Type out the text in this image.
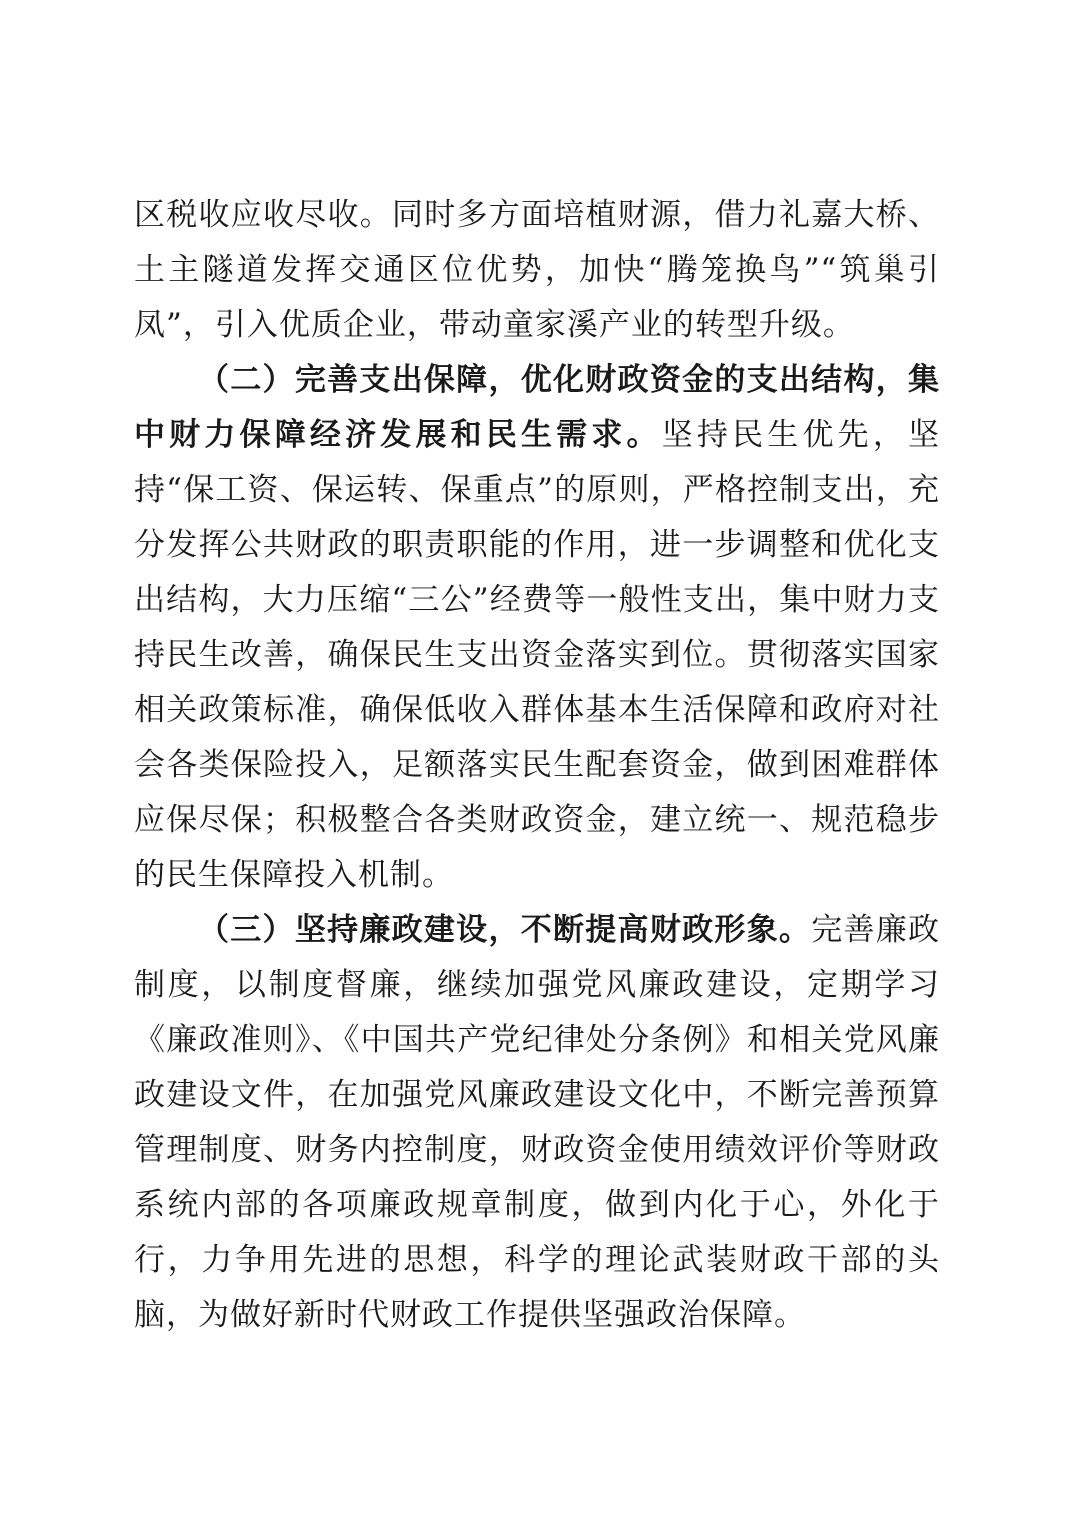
区税收应收尽收。同时多方面培植财源，借力礼嘉大桥、土主隧道发挥交通区位优势，加快“腾笼换鸟”“筑巢引凤”，引入优质企业，带动童家溪产业的转型升级。

（二）完善支出保障，优化财政资金的支出结构，集中财力保障经济发展和民生需求。坚持民生优先，坚持“保工资、保运转、保重点”的原则，严格控制支出，充分发挥公共财政的职责职能的作用，进一步调整和优化支出结构，大力压缩“三公”经费等一般性支出，集中财力支持民生改善，确保民生支出资金落实到位。贯彻落实国家相关政策标准，确保低收入群体基本生活保障和政府对社会各类保险投入，足额落实民生配套资金，做到困难群体应保尽保；积极整合各类财政资金，建立统一、规范稳步的民生保障投入机制。

（三）坚持廉政建设，不断提高财政形象。完善廉政制度，以制度督廉，继续加强党风廉政建设，定期学习《廉政准则》、《中国共产党纪律处分条例》和相关党风廉政建设文件，在加强党风廉政建设文化中，不断完善预算管理制度、财务内控制度，财政资金使用绩效评价等财政系统内部的各项廉政规章制度，做到内化于心，外化于行，力争用先进的思想，科学的理论武装财政干部的头脑，为做好新时代财政工作提供坚强政治保障。
